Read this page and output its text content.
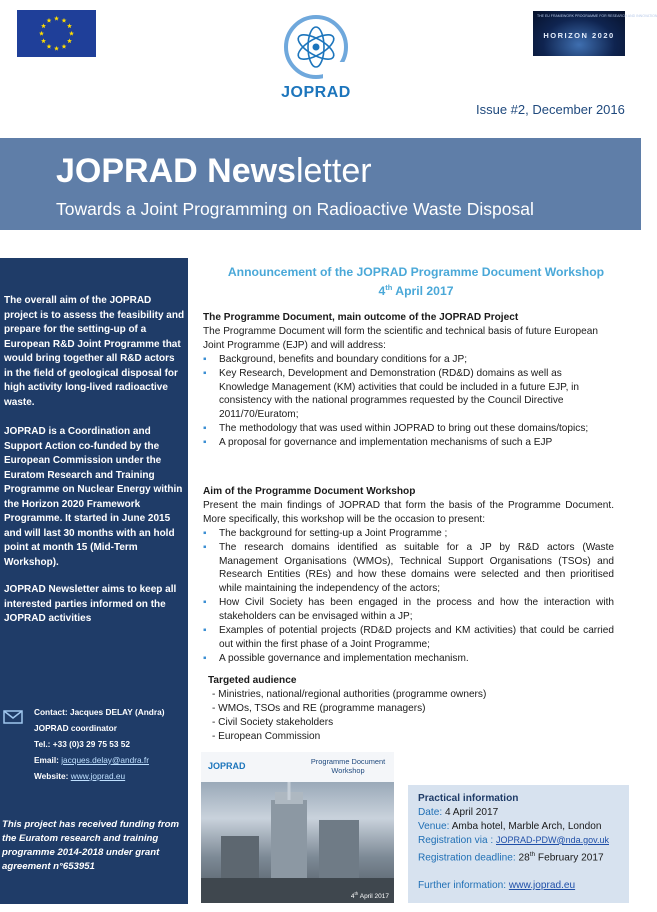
JOPRAD
THE EU FRAMEWORK PROGRAMME FOR RESEARCH AND INNOVATION
HORIZON 2020
Issue #2, December 2016
JOPRAD Newsletter
Towards a Joint Programming on Radioactive Waste Disposal
The overall aim of the JOPRAD project is to assess the feasibility and prepare for the setting-up of a European R&D Joint Programme that would bring together all R&D actors in the field of geological disposal for high activity long-lived radioactive waste.
JOPRAD is a Coordination and Support Action co-funded by the European Commission under the Euratom Research and Training Programme on Nuclear Energy within the Horizon 2020 Framework Programme. It started in June 2015 and will last 30 months with an hold point at month 15 (Mid-Term Workshop).
JOPRAD Newsletter aims to keep all interested parties informed on the JOPRAD activities
Contact: Jacques DELAY (Andra)
JOPRAD coordinator
Tel.: +33 (0)3 29 75 53 52
Email: jacques.delay@andra.fr
Website: www.joprad.eu
This project has received funding from the Euratom research and training programme 2014-2018 under grant agreement n°653951
Announcement of the JOPRAD Programme Document Workshop
4th April 2017
The Programme Document, main outcome of the JOPRAD Project
The Programme Document will form the scientific and technical basis of future European Joint Programme (EJP) and will address:
▪ Background, benefits and boundary conditions for a JP;
▪ Key Research, Development and Demonstration (RD&D) domains as well as Knowledge Management (KM) activities that could be included in a future EJP, in consistency with the national programmes requested by the Council Directive 2011/70/Euratom;
▪ The methodology that was used within JOPRAD to bring out these domains/topics;
▪ A proposal for governance and implementation mechanisms of such a EJP
Aim of the Programme Document Workshop
Present the main findings of JOPRAD that form the basis of the Programme Document. More specifically, this workshop will be the occasion to present:
▪ The background for setting-up a Joint Programme ;
▪ The research domains identified as suitable for a JP by R&D actors (Waste Management Organisations (WMOs), Technical Support Organisations (TSOs) and Research Entities (REs) and how these domains were selected and then prioritised while maintaining the independency of the actors;
▪ How Civil Society has been engaged in the process and how the interaction with stakeholders can be envisaged within a JP;
▪ Examples of potential projects (RD&D projects and KM activities) that could be carried out within the first phase of a Joint Programme;
▪ A possible governance and implementation mechanism.
Targeted audience
- Ministries, national/regional authorities (programme owners)
- WMOs, TSOs and RE (programme managers)
- Civil Society stakeholders
- European Commission
JOPRAD	Programme Document Workshop
4th April 2017
Practical information
Date: 4 April 2017
Venue: Amba hotel, Marble Arch, London
Registration via : JOPRAD-PDW@nda.gov.uk
Registration deadline: 28th February 2017
Further information: www.joprad.eu
